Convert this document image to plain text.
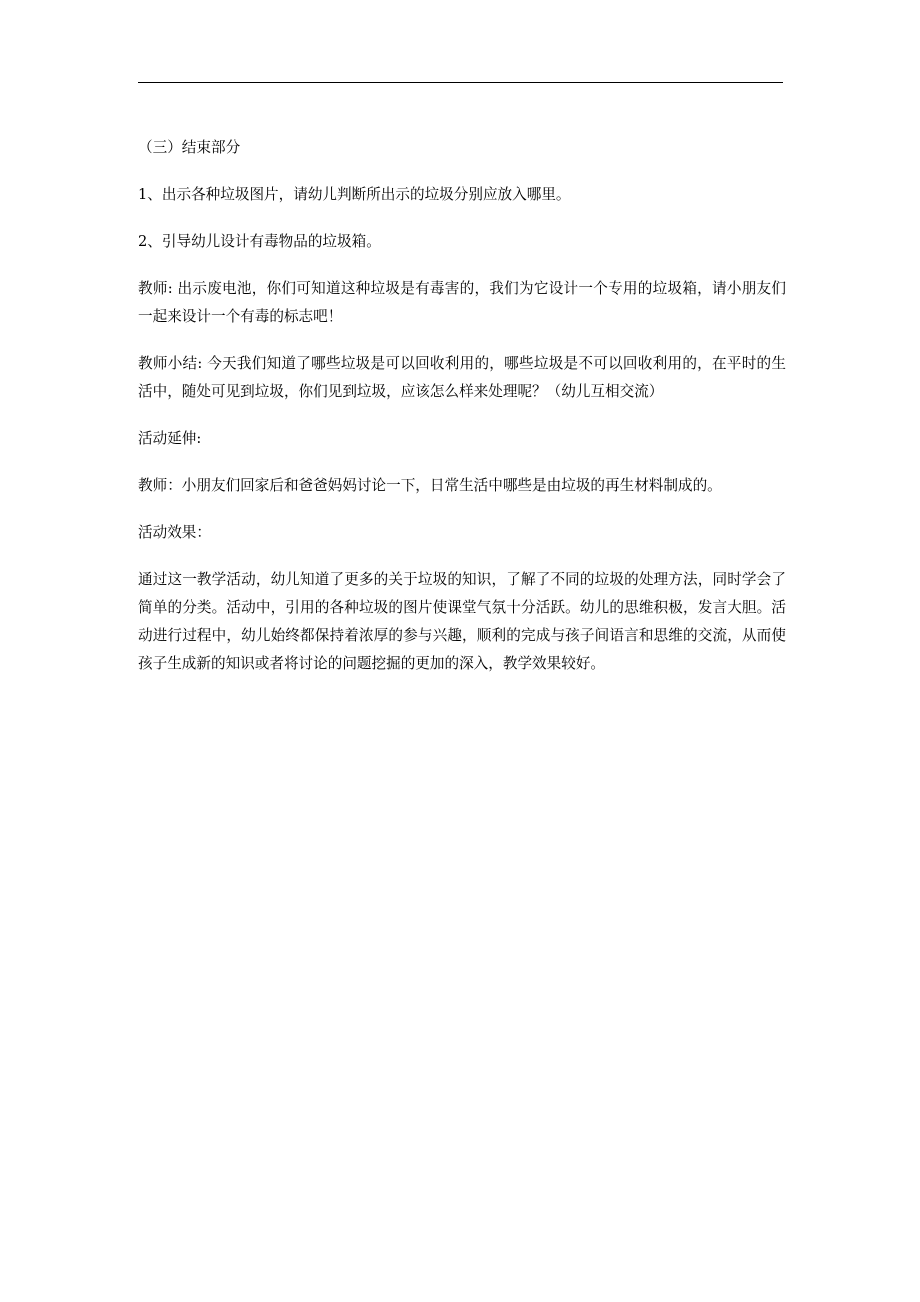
（三）结束部分

1、出示各种垃圾图片，请幼儿判断所出示的垃圾分别应放入哪里。

2、引导幼儿设计有毒物品的垃圾箱。

教师: 出示废电池，你们可知道这种垃圾是有毒害的，我们为它设计一个专用的垃圾箱，请小朋友们一起来设计一个有毒的标志吧！

教师小结: 今天我们知道了哪些垃圾是可以回收利用的，哪些垃圾是不可以回收利用的，在平时的生活中，随处可见到垃圾，你们见到垃圾，应该怎么样来处理呢？（幼儿互相交流）

活动延伸:

教师：小朋友们回家后和爸爸妈妈讨论一下，日常生活中哪些是由垃圾的再生材料制成的。

活动效果：

通过这一教学活动，幼儿知道了更多的关于垃圾的知识，了解了不同的垃圾的处理方法，同时学会了简单的分类。活动中，引用的各种垃圾的图片使课堂气氛十分活跃。幼儿的思维积极，发言大胆。活动进行过程中，幼儿始终都保持着浓厚的参与兴趣，顺利的完成与孩子间语言和思维的交流，从而使孩子生成新的知识或者将讨论的问题挖掘的更加的深入，教学效果较好。
